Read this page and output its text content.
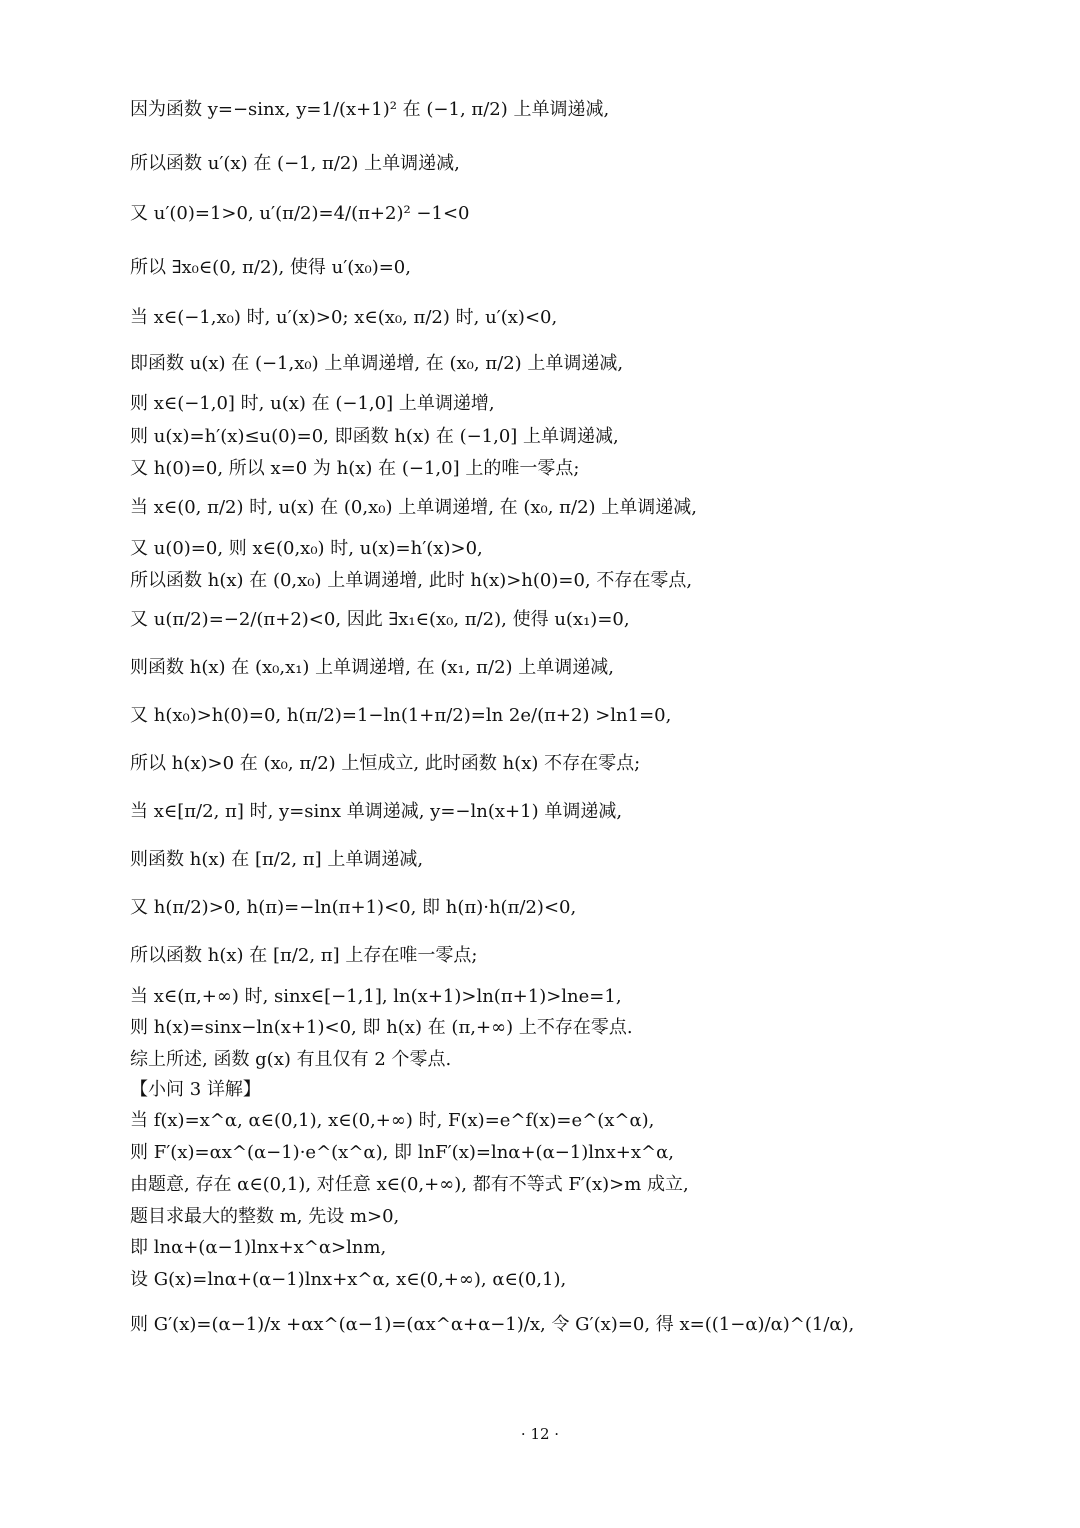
因为函数 y=−sinx, y=1/(x+1)² 在 (−1, π/2) 上单调递减,
所以函数 u′(x) 在 (−1, π/2) 上单调递减,
又 u′(0)=1>0, u′(π/2)=4/(π+2)² −1<0
所以 ∃x₀∈(0, π/2), 使得 u′(x₀)=0,
当 x∈(−1,x₀) 时, u′(x)>0; x∈(x₀, π/2) 时, u′(x)<0,
即函数 u(x) 在 (−1,x₀) 上单调递增, 在 (x₀, π/2) 上单调递减,
则 x∈(−1,0] 时, u(x) 在 (−1,0] 上单调递增,
则 u(x)=h′(x)≤u(0)=0, 即函数 h(x) 在 (−1,0] 上单调递减,
又 h(0)=0, 所以 x=0 为 h(x) 在 (−1,0] 上的唯一零点;
当 x∈(0, π/2) 时, u(x) 在 (0,x₀) 上单调递增, 在 (x₀, π/2) 上单调递减,
又 u(0)=0, 则 x∈(0,x₀) 时, u(x)=h′(x)>0,
所以函数 h(x) 在 (0,x₀) 上单调递增, 此时 h(x)>h(0)=0, 不存在零点,
又 u(π/2)=−2/(π+2)<0, 因此 ∃x₁∈(x₀, π/2), 使得 u(x₁)=0,
则函数 h(x) 在 (x₀,x₁) 上单调递增, 在 (x₁, π/2) 上单调递减,
又 h(x₀)>h(0)=0, h(π/2)=1−ln(1+π/2)=ln 2e/(π+2) >ln1=0,
所以 h(x)>0 在 (x₀, π/2) 上恒成立, 此时函数 h(x) 不存在零点;
当 x∈[π/2, π] 时, y=sinx 单调递减, y=−ln(x+1) 单调递减,
则函数 h(x) 在 [π/2, π] 上单调递减,
又 h(π/2)>0, h(π)=−ln(π+1)<0, 即 h(π)·h(π/2)<0,
所以函数 h(x) 在 [π/2, π] 上存在唯一零点;
当 x∈(π,+∞) 时, sinx∈[−1,1], ln(x+1)>ln(π+1)>lne=1,
则 h(x)=sinx−ln(x+1)<0, 即 h(x) 在 (π,+∞) 上不存在零点.
综上所述, 函数 g(x) 有且仅有 2 个零点.
【小问 3 详解】
当 f(x)=x^α, α∈(0,1), x∈(0,+∞) 时, F(x)=e^f(x)=e^(x^α),
则 F′(x)=αx^(α−1)·e^(x^α), 即 lnF′(x)=lnα+(α−1)lnx+x^α,
由题意, 存在 α∈(0,1), 对任意 x∈(0,+∞), 都有不等式 F′(x)>m 成立,
题目求最大的整数 m, 先设 m>0,
即 lnα+(α−1)lnx+x^α>lnm,
设 G(x)=lnα+(α−1)lnx+x^α, x∈(0,+∞), α∈(0,1),
则 G′(x)=(α−1)/x +αx^(α−1)=(αx^α+α−1)/x, 令 G′(x)=0, 得 x=((1−α)/α)^(1/α),
· 12 ·
